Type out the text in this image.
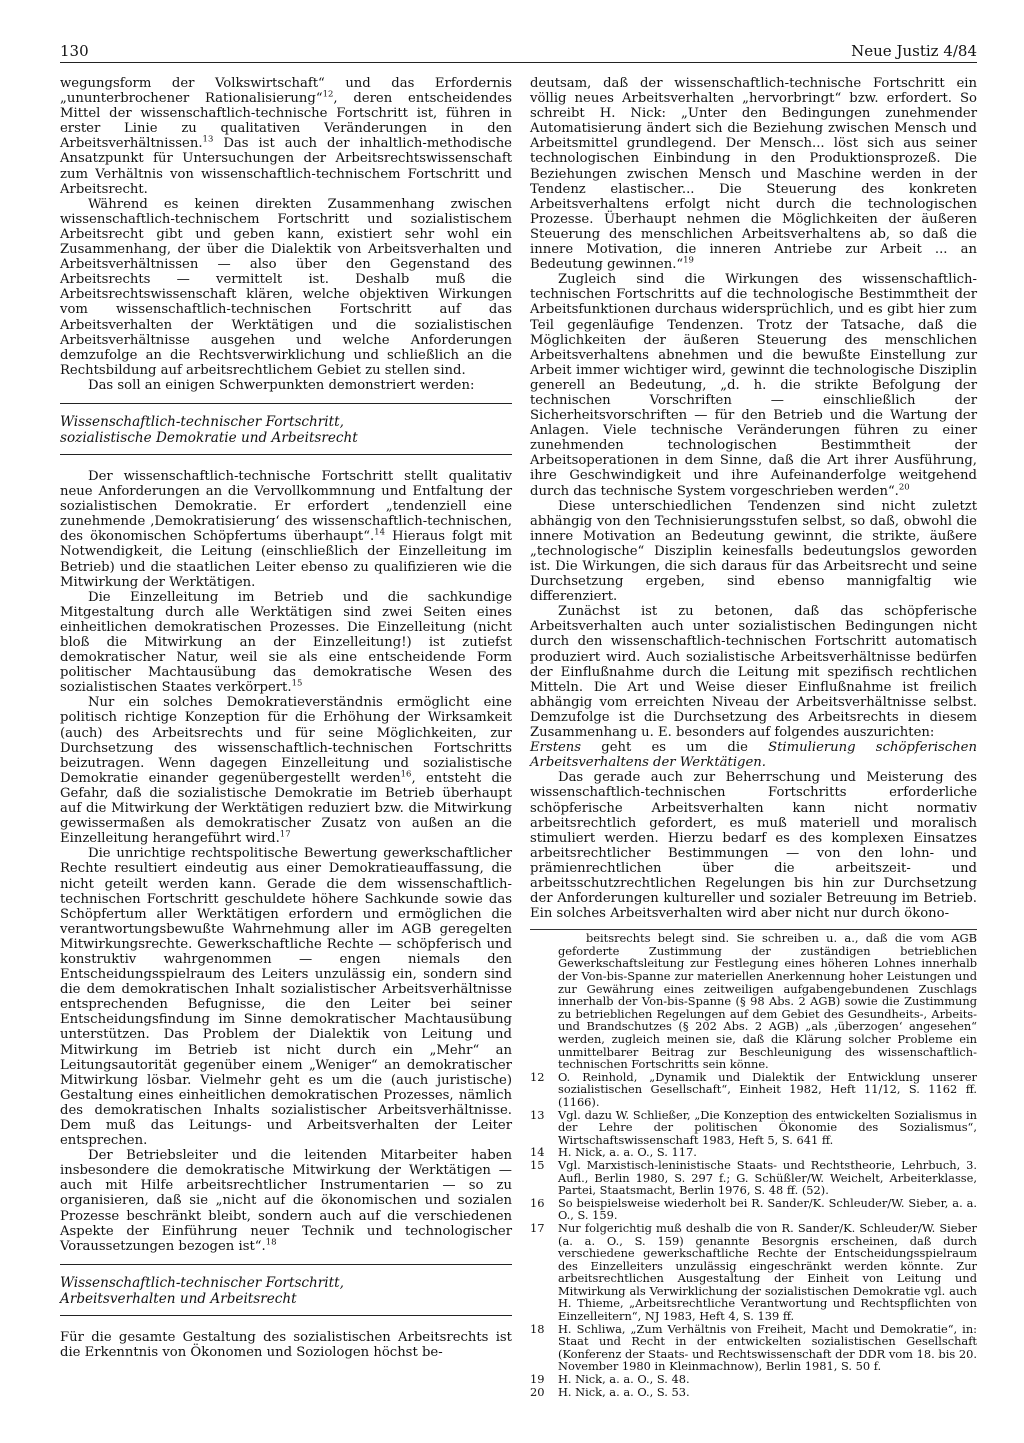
130	Neue Justiz 4/84

wegungsform der Volkswirtschaft“ und das Erfordernis „ununterbrochener Rationalisierung“$^{12}$, deren entscheidendes Mittel der wissenschaftlich-technische Fortschritt ist, führen in erster Linie zu qualitativen Veränderungen in den Arbeitsverhältnissen.$^{13}$ Das ist auch der inhaltlich-methodische Ansatzpunkt für Untersuchungen der Arbeitsrechtswissenschaft zum Verhältnis von wissenschaftlich-technischem Fortschritt und Arbeitsrecht.

Während es keinen direkten Zusammenhang zwischen wissenschaftlich-technischem Fortschritt und sozialistischem Arbeitsrecht gibt und geben kann, existiert sehr wohl ein Zusammenhang, der über die Dialektik von Arbeitsverhalten und Arbeitsverhältnissen — also über den Gegenstand des Arbeitsrechts — vermittelt ist. Deshalb muß die Arbeitsrechtswissenschaft klären, welche objektiven Wirkungen vom wissenschaftlich-technischen Fortschritt auf das Arbeitsverhalten der Werktätigen und die sozialistischen Arbeitsverhältnisse ausgehen und welche Anforderungen demzufolge an die Rechtsverwirklichung und schließlich an die Rechtsbildung auf arbeitsrechtlichem Gebiet zu stellen sind.

Das soll an einigen Schwerpunkten demonstriert werden:

Wissenschaftlich-technischer Fortschritt,
sozialistische Demokratie und Arbeitsrecht

Der wissenschaftlich-technische Fortschritt stellt qualitativ neue Anforderungen an die Vervollkommnung und Entfaltung der sozialistischen Demokratie. Er erfordert „tendenziell eine zunehmende ‚Demokratisierung‘ des wissenschaftlich-technischen, des ökonomischen Schöpfertums überhaupt“.$^{14}$ Hieraus folgt mit Notwendigkeit, die Leitung (einschließlich der Einzelleitung im Betrieb) und die staatlichen Leiter ebenso zu qualifizieren wie die Mitwirkung der Werktätigen.

Die Einzelleitung im Betrieb und die sachkundige Mitgestaltung durch alle Werktätigen sind zwei Seiten eines einheitlichen demokratischen Prozesses. Die Einzelleitung (nicht bloß die Mitwirkung an der Einzelleitung!) ist zutiefst demokratischer Natur, weil sie als eine entscheidende Form politischer Machtausübung das demokratische Wesen des sozialistischen Staates verkörpert.$^{15}$

Nur ein solches Demokratieverständnis ermöglicht eine politisch richtige Konzeption für die Erhöhung der Wirksamkeit (auch) des Arbeitsrechts und für seine Möglichkeiten, zur Durchsetzung des wissenschaftlich-technischen Fortschritts beizutragen. Wenn dagegen Einzelleitung und sozialistische Demokratie einander gegenübergestellt werden$^{16}$, entsteht die Gefahr, daß die sozialistische Demokratie im Betrieb überhaupt auf die Mitwirkung der Werktätigen reduziert bzw. die Mitwirkung gewissermaßen als demokratischer Zusatz von außen an die Einzelleitung herangeführt wird.$^{17}$

Die unrichtige rechtspolitische Bewertung gewerkschaftlicher Rechte resultiert eindeutig aus einer Demokratieauffassung, die nicht geteilt werden kann. Gerade die dem wissenschaftlich-technischen Fortschritt geschuldete höhere Sachkunde sowie das Schöpfertum aller Werktätigen erfordern und ermöglichen die verantwortungsbewußte Wahrnehmung aller im AGB geregelten Mitwirkungsrechte. Gewerkschaftliche Rechte — schöpferisch und konstruktiv wahrgenommen — engen niemals den Entscheidungsspielraum des Leiters unzulässig ein, sondern sind die dem demokratischen Inhalt sozialistischer Arbeitsverhältnisse entsprechenden Befugnisse, die den Leiter bei seiner Entscheidungsfindung im Sinne demokratischer Machtausübung unterstützen. Das Problem der Dialektik von Leitung und Mitwirkung im Betrieb ist nicht durch ein „Mehr“ an Leitungsautorität gegenüber einem „Weniger“ an demokratischer Mitwirkung lösbar. Vielmehr geht es um die (auch juristische) Gestaltung eines einheitlichen demokratischen Prozesses, nämlich des demokratischen Inhalts sozialistischer Arbeitsverhältnisse. Dem muß das Leitungs- und Arbeitsverhalten der Leiter entsprechen.

Der Betriebsleiter und die leitenden Mitarbeiter haben insbesondere die demokratische Mitwirkung der Werktätigen — auch mit Hilfe arbeitsrechtlicher Instrumentarien — so zu organisieren, daß sie „nicht auf die ökonomischen und sozialen Prozesse beschränkt bleibt, sondern auch auf die verschiedenen Aspekte der Einführung neuer Technik und technologischer Voraussetzungen bezogen ist“.$^{18}$

Wissenschaftlich-technischer Fortschritt,
Arbeitsverhalten und Arbeitsrecht

Für die gesamte Gestaltung des sozialistischen Arbeitsrechts ist die Erkenntnis von Ökonomen und Soziologen höchst be-

deutsam, daß der wissenschaftlich-technische Fortschritt ein völlig neues Arbeitsverhalten „hervorbringt“ bzw. erfordert. So schreibt H. Nick: „Unter den Bedingungen zunehmender Automatisierung ändert sich die Beziehung zwischen Mensch und Arbeitsmittel grundlegend. Der Mensch... löst sich aus seiner technologischen Einbindung in den Produktionsprozeß. Die Beziehungen zwischen Mensch und Maschine werden in der Tendenz elastischer... Die Steuerung des konkreten Arbeitsverhaltens erfolgt nicht durch die technologischen Prozesse. Überhaupt nehmen die Möglichkeiten der äußeren Steuerung des menschlichen Arbeitsverhaltens ab, so daß die innere Motivation, die inneren Antriebe zur Arbeit ... an Bedeutung gewinnen.“$^{19}$

Zugleich sind die Wirkungen des wissenschaftlich-technischen Fortschritts auf die technologische Bestimmtheit der Arbeitsfunktionen durchaus widersprüchlich, und es gibt hier zum Teil gegenläufige Tendenzen. Trotz der Tatsache, daß die Möglichkeiten der äußeren Steuerung des menschlichen Arbeitsverhaltens abnehmen und die bewußte Einstellung zur Arbeit immer wichtiger wird, gewinnt die technologische Disziplin generell an Bedeutung, „d. h. die strikte Befolgung der technischen Vorschriften — einschließlich der Sicherheitsvorschriften — für den Betrieb und die Wartung der Anlagen. Viele technische Veränderungen führen zu einer zunehmenden technologischen Bestimmtheit der Arbeitsoperationen in dem Sinne, daß die Art ihrer Ausführung, ihre Geschwindigkeit und ihre Aufeinanderfolge weitgehend durch das technische System vorgeschrieben werden“.$^{20}$

Diese unterschiedlichen Tendenzen sind nicht zuletzt abhängig von den Technisierungsstufen selbst, so daß, obwohl die innere Motivation an Bedeutung gewinnt, die strikte, äußere „technologische“ Disziplin keinesfalls bedeutungslos geworden ist. Die Wirkungen, die sich daraus für das Arbeitsrecht und seine Durchsetzung ergeben, sind ebenso mannigfaltig wie differenziert.

Zunächst ist zu betonen, daß das schöpferische Arbeitsverhalten auch unter sozialistischen Bedingungen nicht durch den wissenschaftlich-technischen Fortschritt automatisch produziert wird. Auch sozialistische Arbeitsverhältnisse bedürfen der Einflußnahme durch die Leitung mit spezifisch rechtlichen Mitteln. Die Art und Weise dieser Einflußnahme ist freilich abhängig vom erreichten Niveau der Arbeitsverhältnisse selbst. Demzufolge ist die Durchsetzung des Arbeitsrechts in diesem Zusammenhang u. E. besonders auf folgendes auszurichten:

Erstens geht es um die Stimulierung schöpferischen Arbeitsverhaltens der Werktätigen.

Das gerade auch zur Beherrschung und Meisterung des wissenschaftlich-technischen Fortschritts erforderliche schöpferische Arbeitsverhalten kann nicht normativ arbeitsrechtlich gefordert, es muß materiell und moralisch stimuliert werden. Hierzu bedarf es des komplexen Einsatzes arbeitsrechtlicher Bestimmungen — von den lohn- und prämienrechtlichen über die arbeitszeit- und arbeitsschutzrechtlichen Regelungen bis hin zur Durchsetzung der Anforderungen kultureller und sozialer Betreuung im Betrieb. Ein solches Arbeitsverhalten wird aber nicht nur durch ökono-

beitsrechts belegt sind. Sie schreiben u. a., daß die vom AGB geforderte Zustimmung der zuständigen betrieblichen Gewerkschaftsleitung zur Festlegung eines höheren Lohnes innerhalb der Von-bis-Spanne zur materiellen Anerkennung hoher Leistungen und zur Gewährung eines zeitweiligen aufgabengebundenen Zuschlags innerhalb der Von-bis-Spanne (§ 98 Abs. 2 AGB) sowie die Zustimmung zu betrieblichen Regelungen auf dem Gebiet des Gesundheits-, Arbeits- und Brandschutzes (§ 202 Abs. 2 AGB) „als ‚überzogen‘ angesehen“ werden, zugleich meinen sie, daß die Klärung solcher Probleme ein unmittelbarer Beitrag zur Beschleunigung des wissenschaftlich-technischen Fortschritts sein könne.

12	O. Reinhold, „Dynamik und Dialektik der Entwicklung unserer sozialistischen Gesellschaft“, Einheit 1982, Heft 11/12, S. 1162 ff. (1166).
13	Vgl. dazu W. Schließer, „Die Konzeption des entwickelten Sozialismus in der Lehre der politischen Ökonomie des Sozialismus“, Wirtschaftswissenschaft 1983, Heft 5, S. 641 ff.
14	H. Nick, a. a. O., S. 117.
15	Vgl. Marxistisch-leninistische Staats- und Rechtstheorie, Lehrbuch, 3. Aufl., Berlin 1980, S. 297 f.; G. Schüßler/W. Weichelt, Arbeiterklasse, Partei, Staatsmacht, Berlin 1976, S. 48 ff. (52).
16	So beispielsweise wiederholt bei R. Sander/K. Schleuder/W. Sieber, a. a. O., S. 159.
17	Nur folgerichtig muß deshalb die von R. Sander/K. Schleuder/W. Sieber (a. a. O., S. 159) genannte Besorgnis erscheinen, daß durch verschiedene gewerkschaftliche Rechte der Entscheidungsspielraum des Einzelleiters unzulässig eingeschränkt werden könnte. Zur arbeitsrechtlichen Ausgestaltung der Einheit von Leitung und Mitwirkung als Verwirklichung der sozialistischen Demokratie vgl. auch H. Thieme, „Arbeitsrechtliche Verantwortung und Rechtspflichten von Einzelleitern“, NJ 1983, Heft 4, S. 139 ff.
18	H. Schliwa, „Zum Verhältnis von Freiheit, Macht und Demokratie“, in: Staat und Recht in der entwickelten sozialistischen Gesellschaft (Konferenz der Staats- und Rechtswissenschaft der DDR vom 18. bis 20. November 1980 in Kleinmachnow), Berlin 1981, S. 50 f.
19	H. Nick, a. a. O., S. 48.
20	H. Nick, a. a. O., S. 53.
